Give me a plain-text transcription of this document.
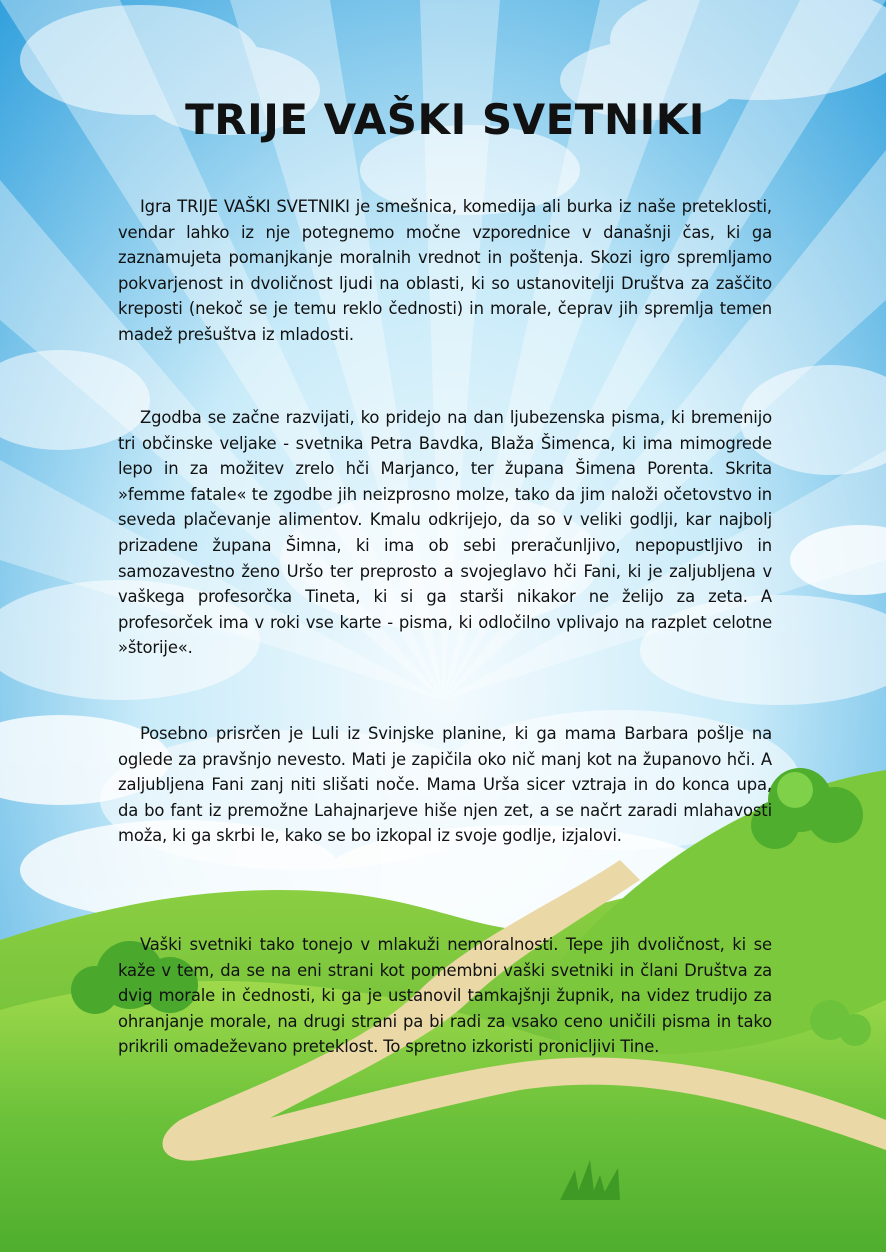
TRIJE VAŠKI SVETNIKI

Igra TRIJE VAŠKI SVETNIKI je smešnica, komedija ali burka iz naše preteklosti, vendar lahko iz nje potegnemo močne vzporednice v današnji čas, ki ga zaznamujeta pomanjkanje moralnih vrednot in poštenja. Skozi igro spremljamo pokvarjenost in dvoličnost ljudi na oblasti, ki so ustanovitelji Društva za zaščito kreposti (nekoč se je temu reklo čednosti) in morale, čeprav jih spremlja temen madež prešuštva iz mladosti.

Zgodba se začne razvijati, ko pridejo na dan ljubezenska pisma, ki bremenijo tri občinske veljake - svetnika Petra Bavdka, Blaža Šimenca, ki ima mimogrede lepo in za možitev zrelo hči Marjanco, ter župana Šimena Porenta. Skrita »femme fatale« te zgodbe jih neizprosno molze, tako da jim naloži očetovstvo in seveda plačevanje alimentov. Kmalu odkrijejo, da so v veliki godlji, kar najbolj prizadene župana Šimna, ki ima ob sebi preračunljivo, nepopustljivo in samozavestno ženo Uršo ter preprosto a svojeglavo hči Fani, ki je zaljubljena v vaškega profesorčka Tineta, ki si ga starši nikakor ne želijo za zeta. A profesorček ima v roki vse karte - pisma, ki odločilno vplivajo na razplet celotne »štorije«.

Posebno prisrčen je Luli iz Svinjske planine, ki ga mama Barbara pošlje na oglede za pravšnjo nevesto. Mati je zapičila oko nič manj kot na županovo hči. A zaljubljena Fani zanj niti slišati noče. Mama Urša sicer vztraja in do konca upa, da bo fant iz premožne Lahajnarjeve hiše njen zet, a se načrt zaradi mlahavosti moža, ki ga skrbi le, kako se bo izkopal iz svoje godlje, izjalovi.

Vaški svetniki tako tonejo v mlakuži nemoralnosti. Tepe jih dvoličnost, ki se kaže v tem, da se na eni strani kot pomembni vaški svetniki in člani Društva za dvig morale in čednosti, ki ga je ustanovil tamkajšnji župnik, na videz trudijo za ohranjanje morale, na drugi strani pa bi radi za vsako ceno uničili pisma in tako prikrili omadeževano preteklost. To spretno izkoristi pronicljivi Tine.
